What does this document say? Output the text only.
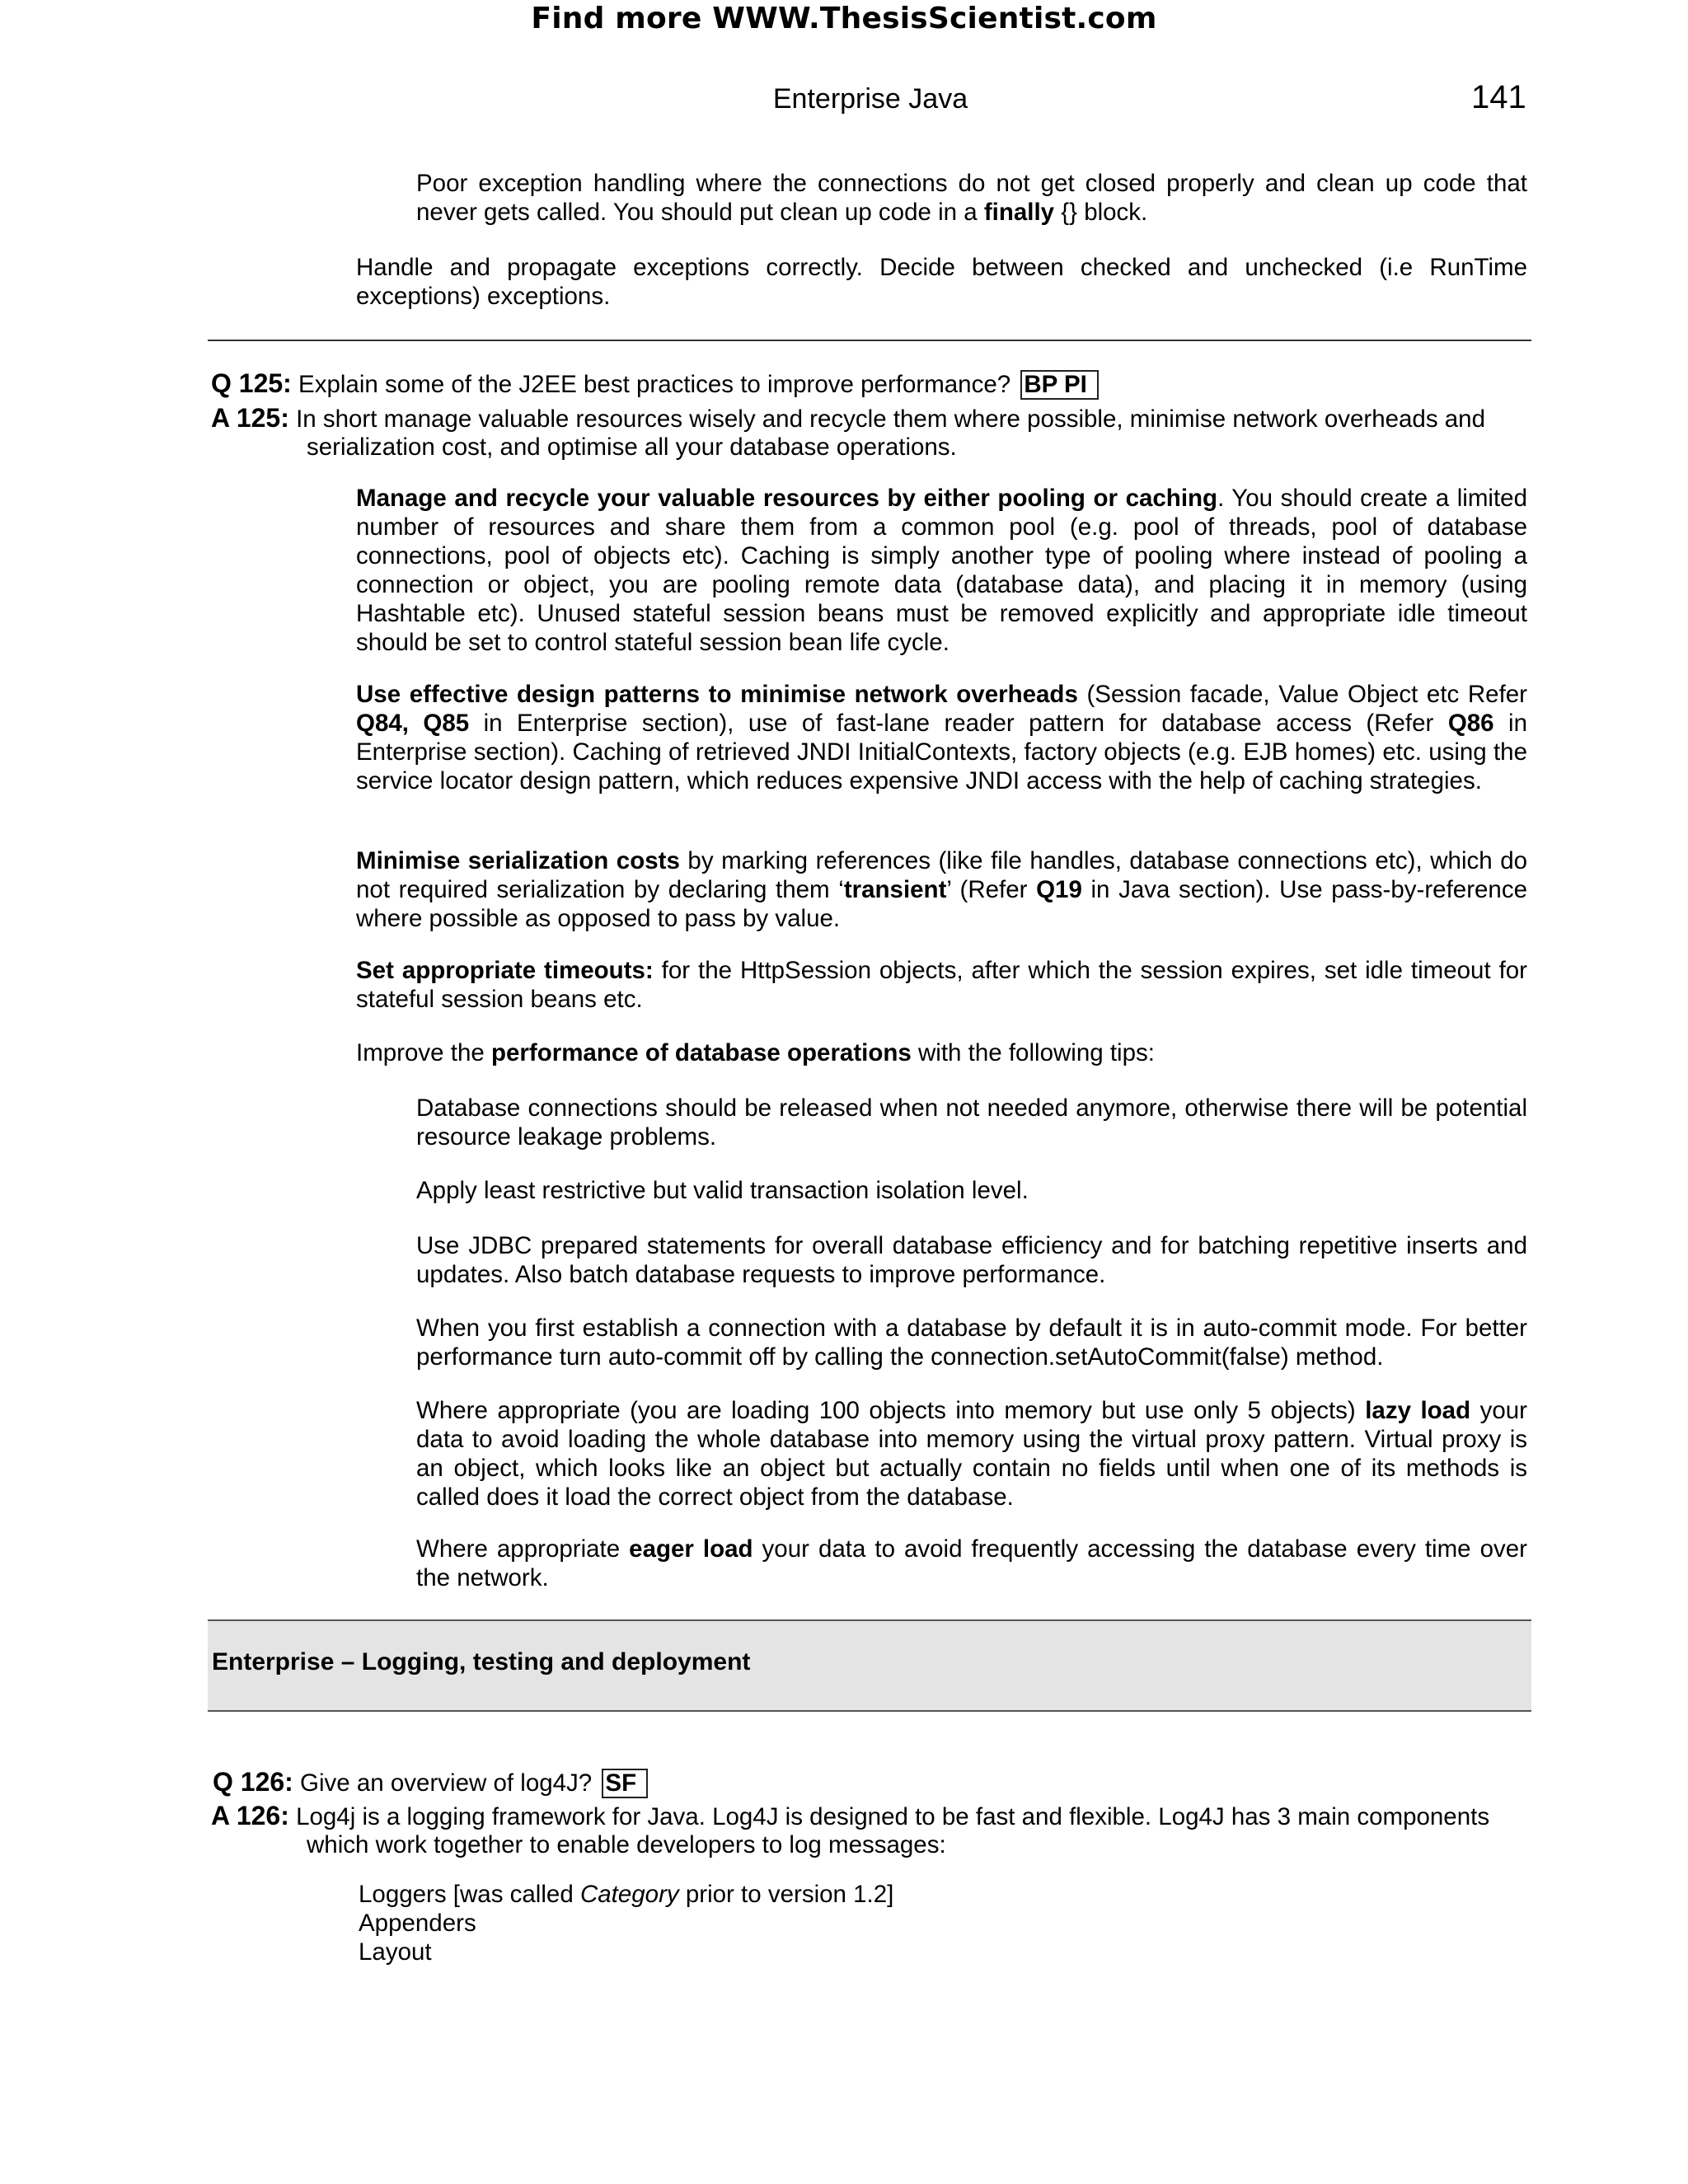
Find more WWW.ThesisScientist.com
Enterprise Java	141

Poor exception handling where the connections do not get closed properly and clean up code that never gets called. You should put clean up code in a finally {} block.

Handle and propagate exceptions correctly. Decide between checked and unchecked (i.e RunTime exceptions) exceptions.

Q 125: Explain some of the J2EE best practices to improve performance? BP PI
A 125: In short manage valuable resources wisely and recycle them where possible, minimise network overheads and
serialization cost, and optimise all your database operations.

Manage and recycle your valuable resources by either pooling or caching. You should create a limited number of resources and share them from a common pool (e.g. pool of threads, pool of database connections, pool of objects etc). Caching is simply another type of pooling where instead of pooling a connection or object, you are pooling remote data (database data), and placing it in memory (using Hashtable etc). Unused stateful session beans must be removed explicitly and appropriate idle timeout should be set to control stateful session bean life cycle.

Use effective design patterns to minimise network overheads (Session facade, Value Object etc Refer Q84, Q85 in Enterprise section), use of fast-lane reader pattern for database access (Refer Q86 in Enterprise section). Caching of retrieved JNDI InitialContexts, factory objects (e.g. EJB homes) etc. using the service locator design pattern, which reduces expensive JNDI access with the help of caching strategies.

Minimise serialization costs by marking references (like file handles, database connections etc), which do not required serialization by declaring them ‘transient’ (Refer Q19 in Java section). Use pass-by-reference where possible as opposed to pass by value.

Set appropriate timeouts: for the HttpSession objects, after which the session expires, set idle timeout for stateful session beans etc.

Improve the performance of database operations with the following tips:

Database connections should be released when not needed anymore, otherwise there will be potential resource leakage problems.

Apply least restrictive but valid transaction isolation level.

Use JDBC prepared statements for overall database efficiency and for batching repetitive inserts and updates. Also batch database requests to improve performance.

When you first establish a connection with a database by default it is in auto-commit mode. For better performance turn auto-commit off by calling the connection.setAutoCommit(false) method.

Where appropriate (you are loading 100 objects into memory but use only 5 objects) lazy load your data to avoid loading the whole database into memory using the virtual proxy pattern. Virtual proxy is an object, which looks like an object but actually contain no fields until when one of its methods is called does it load the correct object from the database.

Where appropriate eager load your data to avoid frequently accessing the database every time over the network.

Enterprise – Logging, testing and deployment
Q 126: Give an overview of log4J? SF
A 126: Log4j is a logging framework for Java. Log4J is designed to be fast and flexible. Log4J has 3 main components
which work together to enable developers to log messages:
Loggers [was called Category prior to version 1.2]
Appenders
Layout
